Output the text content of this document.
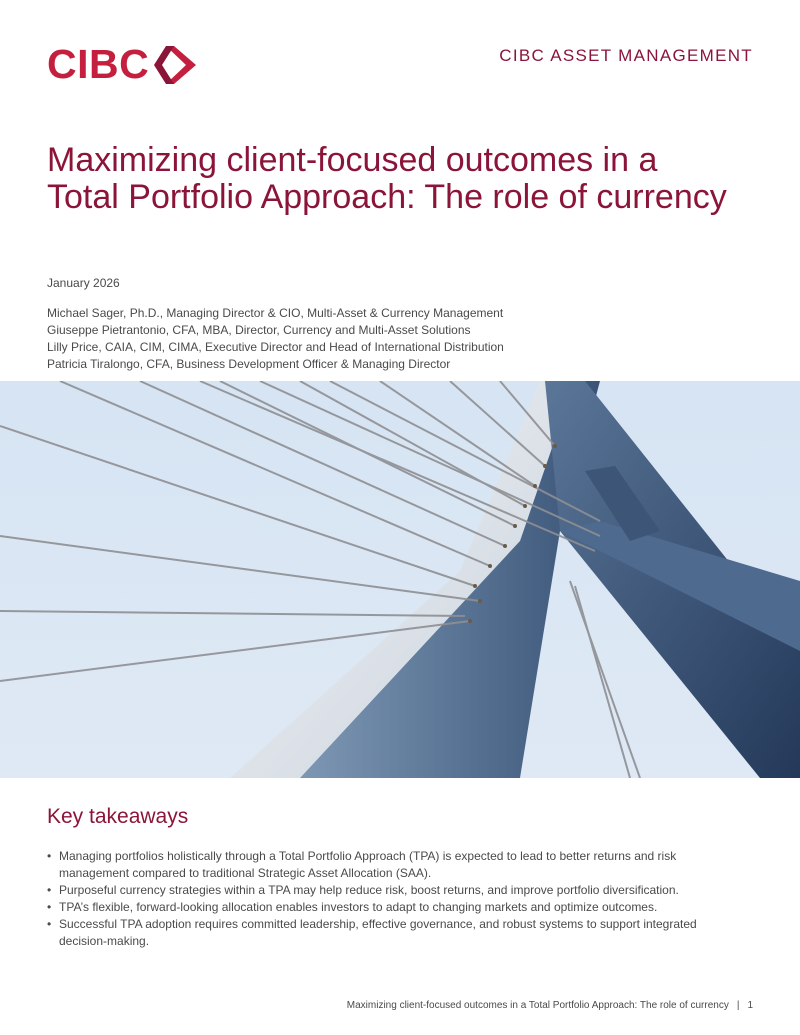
CIBC	CIBC ASSET MANAGEMENT
Maximizing client-focused outcomes in a Total Portfolio Approach: The role of currency
January 2026
Michael Sager, Ph.D., Managing Director & CIO, Multi-Asset & Currency Management
Giuseppe Pietrantonio, CFA, MBA, Director, Currency and Multi-Asset Solutions
Lilly Price, CAIA, CIM, CIMA, Executive Director and Head of International Distribution
Patricia Tiralongo, CFA, Business Development Officer & Managing Director
Key takeaways
• Managing portfolios holistically through a Total Portfolio Approach (TPA) is expected to lead to better returns and risk management compared to traditional Strategic Asset Allocation (SAA).
• Purposeful currency strategies within a TPA may help reduce risk, boost returns, and improve portfolio diversification.
• TPA’s flexible, forward-looking allocation enables investors to adapt to changing markets and optimize outcomes.
• Successful TPA adoption requires committed leadership, effective governance, and robust systems to support integrated decision-making.
Maximizing client-focused outcomes in a Total Portfolio Approach: The role of currency | 1
